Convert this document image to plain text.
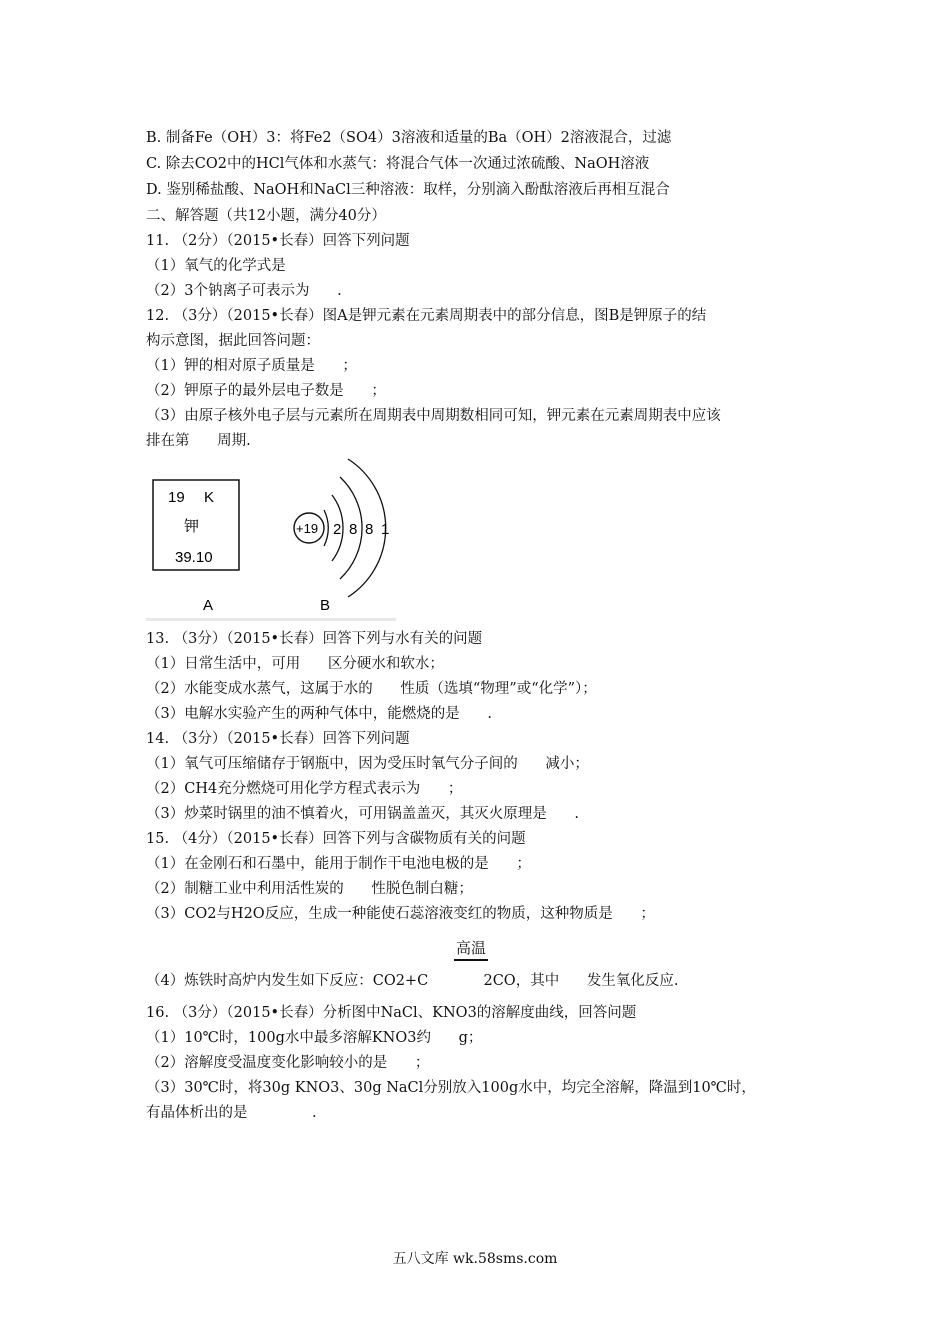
B. 制备Fe（OH）3：将Fe2（SO4）3溶液和适量的Ba（OH）2溶液混合，过滤
C. 除去CO2中的HCl气体和水蒸气：将混合气体一次通过浓硫酸、NaOH溶液
D. 鉴别稀盐酸、NaOH和NaCl三种溶液：取样，分别滴入酚酞溶液后再相互混合
二、解答题（共12小题，满分40分）
11. （2分）（2015•长春）回答下列问题
（1）氧气的化学式是
（2）3个钠离子可表示为      .
12. （3分）（2015•长春）图A是钾元素在元素周期表中的部分信息，图B是钾原子的结
构示意图，据此回答问题：
（1）钾的相对原子质量是      ；
（2）钾原子的最外层电子数是      ；
（3）由原子核外电子层与元素所在周期表中周期数相同可知，钾元素在元素周期表中应该
排在第      周期.
19 K
钾
39.10
+19 2 8 8 1
A	B
13. （3分）（2015•长春）回答下列与水有关的问题
（1）日常生活中，可用      区分硬水和软水；
（2）水能变成水蒸气，这属于水的      性质（选填“物理”或“化学”）；
（3）电解水实验产生的两种气体中，能燃烧的是      .
14. （3分）（2015•长春）回答下列问题
（1）氧气可压缩储存于钢瓶中，因为受压时氧气分子间的      减小；
（2）CH4充分燃烧可用化学方程式表示为      ；
（3）炒菜时锅里的油不慎着火，可用锅盖盖灭，其灭火原理是      .
15. （4分）（2015•长春）回答下列与含碳物质有关的问题
（1）在金刚石和石墨中，能用于制作干电池电极的是      ；
（2）制糖工业中利用活性炭的      性脱色制白糖；
（3）CO2与H2O反应，生成一种能使石蕊溶液变红的物质，这种物质是      ；
高温
（4）炼铁时高炉内发生如下反应：CO2+C            2CO，其中      发生氧化反应.
16. （3分）（2015•长春）分析图中NaCl、KNO3的溶解度曲线，回答问题
（1）10℃时，100g水中最多溶解KNO3约      g；
（2）溶解度受温度变化影响较小的是      ；
（3）30℃时，将30g KNO3、30g NaCl分别放入100g水中，均完全溶解，降温到10℃时，
有晶体析出的是              .
五八文库 wk.58sms.com
